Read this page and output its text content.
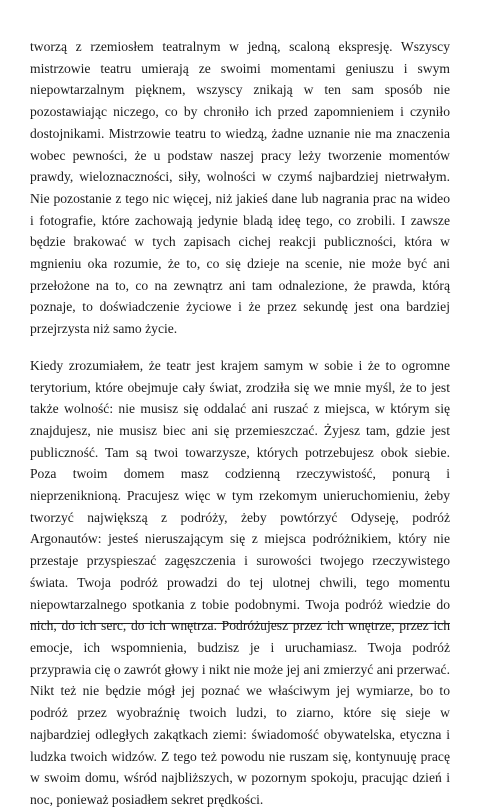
tworzą z rzemiosłem teatralnym w jedną, scaloną ekspresję. Wszyscy mistrzowie teatru umierają ze swoimi momentami geniuszu i swym niepowtarzalnym pięknem, wszyscy znikają w ten sam sposób nie pozostawiając niczego, co by chroniło ich przed zapomnieniem i czyniło dostojnikami. Mistrzowie teatru to wiedzą, żadne uznanie nie ma znaczenia wobec pewności, że u podstaw naszej pracy leży tworzenie momentów prawdy, wieloznaczności, siły, wolności w czymś najbardziej nietrwałym. Nie pozostanie z tego nic więcej, niż jakieś dane lub nagrania prac na wideo i fotografie, które zachowają jedynie bladą ideę tego, co zrobili. I zawsze będzie brakować w tych zapisach cichej reakcji publiczności, która w mgnieniu oka rozumie, że to, co się dzieje na scenie, nie może być ani przełożone na to, co na zewnątrz ani tam odnalezione, że prawda, którą poznaje, to doświadczenie życiowe i że przez sekundę jest ona bardziej przejrzysta niż samo życie.

Kiedy zrozumiałem, że teatr jest krajem samym w sobie i że to ogromne terytorium, które obejmuje cały świat, zrodziła się we mnie myśl, że to jest także wolność: nie musisz się oddalać ani ruszać z miejsca, w którym się znajdujesz, nie musisz biec ani się przemieszczać. Żyjesz tam, gdzie jest publiczność. Tam są twoi towarzysze, których potrzebujesz obok siebie. Poza twoim domem masz codzienną rzeczywistość, ponurą i nieprzeniknioną. Pracujesz więc w tym rzekomym unieruchomieniu, żeby tworzyć największą z podróży, żeby powtórzyć Odyseję, podróż Argonautów: jesteś nieruszającym się z miejsca podróżnikiem, który nie przestaje przyspieszać zagęszczenia i surowości twojego rzeczywistego świata. Twoja podróż prowadzi do tej ulotnej chwili, tego momentu niepowtarzalnego spotkania z tobie podobnymi. Twoja podróż wiedzie do nich, do ich serc, do ich wnętrza. Podróżujesz przez ich wnętrze, przez ich emocje, ich wspomnienia, budzisz je i uruchamiasz. Twoja podróż przyprawia cię o zawrót głowy i nikt nie może jej ani zmierzyć ani przerwać. Nikt też nie będzie mógł jej poznać we właściwym jej wymiarze, bo to podróż przez wyobraźnię twoich ludzi, to ziarno, które się sieje w najbardziej odległych zakątkach ziemi: świadomość obywatelska, etyczna i ludzka twoich widzów. Z tego też powodu nie ruszam się, kontynuuję pracę w swoim domu, wśród najbliższych, w pozornym spokoju, pracując dzień i noc, ponieważ posiadłem sekret prędkości.
